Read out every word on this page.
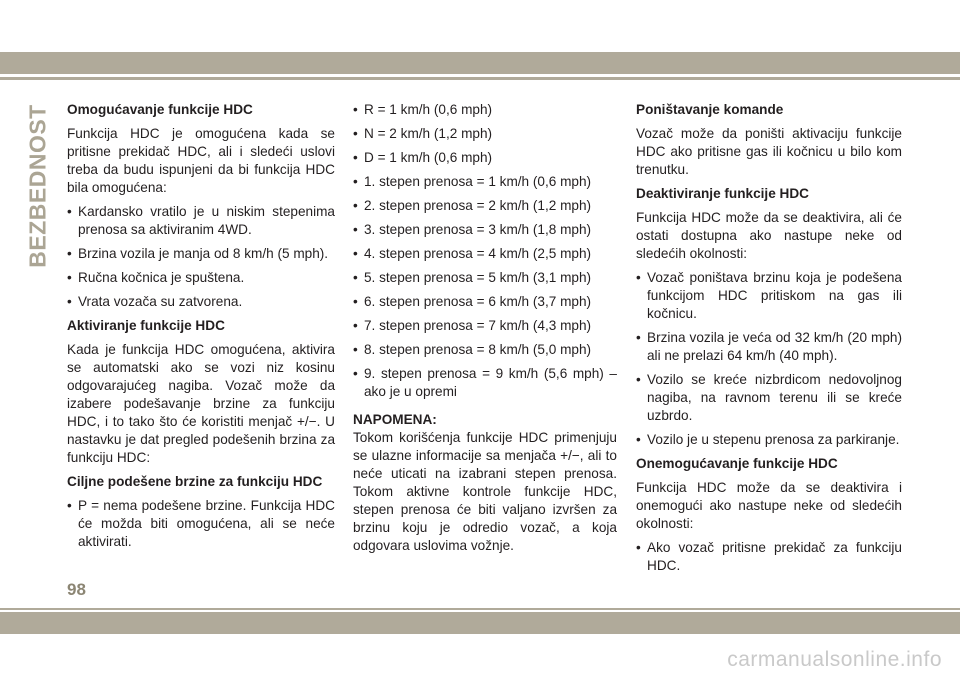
BEZBEDNOST Omogućavanje funkcije HDC

Funkcija HDC je omogućena kada se pritisne prekidač HDC, ali i sledeći uslovi treba da budu ispunjeni da bi funkcija HDC bila omogućena:

• Kardansko vratilo je u niskim stepenima prenosa sa aktiviranim 4WD.
• Brzina vozila je manja od 8 km/h (5 mph).
• Ručna kočnica je spuštena.
• Vrata vozača su zatvorena.
Aktiviranje funkcije HDC

Kada je funkcija HDC omogućena, aktivira se automatski ako se vozi niz kosinu odgovarajućeg nagiba. Vozač može da izabere podešavanje brzine za funkciju HDC, i to tako što će koristiti menjač +/−. U nastavku je dat pregled podešenih brzina za funkciju HDC:

Ciljne podešene brzine za funkciju HDC
• P = nema podešene brzine. Funkcija HDC će možda biti omogućena, ali se neće aktivirati.
• R = 1 km/h (0,6 mph)
• N = 2 km/h (1,2 mph)
• D = 1 km/h (0,6 mph)
• 1. stepen prenosa = 1 km/h (0,6 mph)
• 2. stepen prenosa = 2 km/h (1,2 mph)
• 3. stepen prenosa = 3 km/h (1,8 mph)
• 4. stepen prenosa = 4 km/h (2,5 mph)
• 5. stepen prenosa = 5 km/h (3,1 mph)
• 6. stepen prenosa = 6 km/h (3,7 mph)
• 7. stepen prenosa = 7 km/h (4,3 mph)
• 8. stepen prenosa = 8 km/h (5,0 mph)
• 9. stepen prenosa = 9 km/h (5,6 mph) – ako je u opremi
NAPOMENA:

Tokom korišćenja funkcije HDC primenjuju se ulazne informacije sa menjača +/−, ali to neće uticati na izabrani stepen prenosa. Tokom aktivne kontrole funkcije HDC, stepen prenosa će biti valjano izvršen za brzinu koju je odredio vozač, a koja odgovara uslovima vožnje.

Poništavanje komande

Vozač može da poništi aktivaciju funkcije HDC ako pritisne gas ili kočnicu u bilo kom trenutku.

Deaktiviranje funkcije HDC

Funkcija HDC može da se deaktivira, ali će ostati dostupna ako nastupe neke od sledećih okolnosti:

• Vozač poništava brzinu koja je podešena funkcijom HDC pritiskom na gas ili kočnicu.
• Brzina vozila je veća od 32 km/h (20 mph) ali ne prelazi 64 km/h (40 mph).
• Vozilo se kreće nizbrdicom nedovoljnog nagiba, na ravnom terenu ili se kreće uzbrdo.
• Vozilo je u stepenu prenosa za parkiranje.
Onemogućavanje funkcije HDC

Funkcija HDC može da se deaktivira i onemogući ako nastupe neke od sledećih okolnosti:

• Ako vozač pritisne prekidač za funkciju HDC.
98
carmanualsonline.info
